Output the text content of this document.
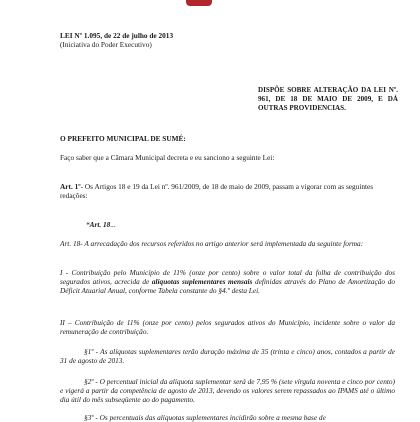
LEI Nº 1.095, de 22 de julho de 2013
(Iniciativa do Poder Executivo)
DISPÕE SOBRE ALTERAÇÃO DA LEI Nº. 961, DE 18 DE MAIO DE 2009, E DÁ OUTRAS PROVIDENCIAS.
O PREFEITO MUNICIPAL DE SUMÉ:
Faço saber que a Câmara Municipal decreta e eu sanciono a seguinte Lei:
Art. 1º- Os Artigos 18 e 19 da Lei nº. 961/2009, de 18 de maio de 2009, passam a vigorar com as seguintes redações:
“Art. 18...
Art. 18- A arrecadação dos recursos referidos no artigo anterior será implementada da seguinte forma:
I - Contribuição pelo Município de 11% (onze por cento) sobre o valor total da folha de contribuição dos segurados ativos, acrecida de alíquotas suplementares mensais definidas através do Plano de Amortização do Déficit Atuarial Anual, conforme Tabela constante do §4.º desta Lei.
II – Contribuição de 11% (onze por cento) pelos segurados ativos do Município, incidente sobre o valor da remuneração de contribuição.
§1º - As alíquotas suplementares terão duração máxima de 35 (trinta e cinco) anos, contados a partir de 31 de agosto de 2013.
§2º - O percentual inicial da alíquota suplementar será de 7,95 % (sete vírgula noventa e cinco por cento) e vigerá a partir da competência de agosto de 2013, devendo os valores serem repassados ao IPAMS até o último dia útil do mês subseqüente ao do pagamento.
§3º - Os percentuais das alíquotas suplementares incidirão sobre a mesma base de
